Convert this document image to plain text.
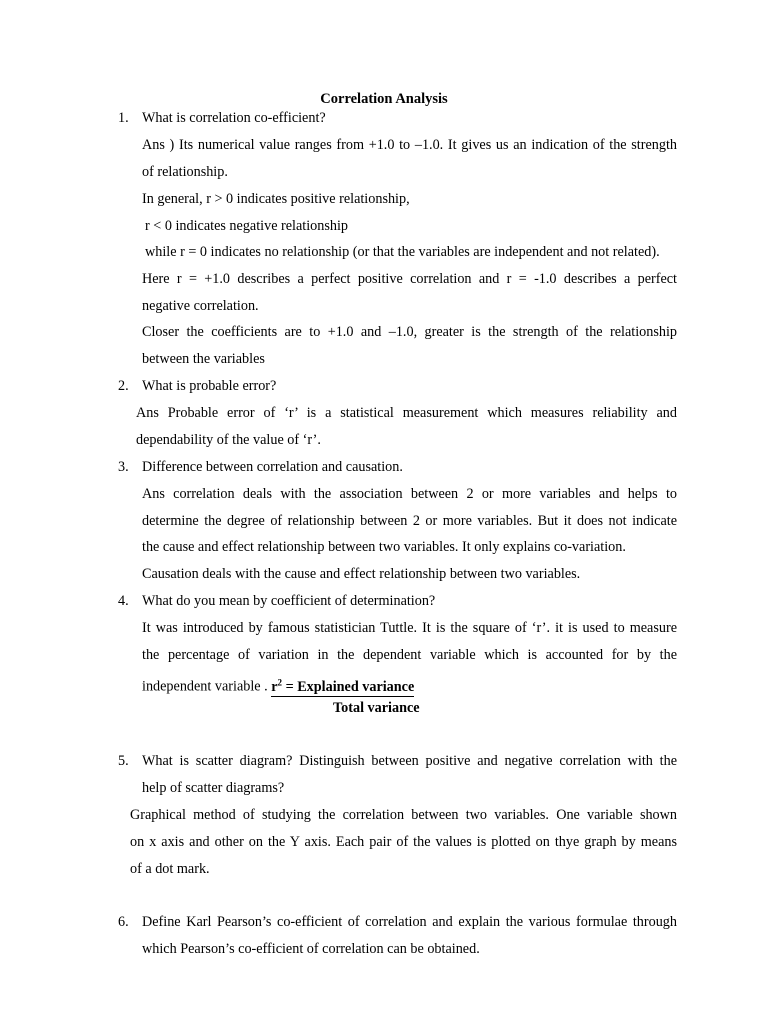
Correlation Analysis
1. What is correlation co-efficient?
Ans ) Its numerical value ranges from +1.0 to –1.0. It gives us an indication of the strength
of relationship.
In general, r > 0 indicates positive relationship,
r < 0 indicates negative relationship
while r = 0 indicates no relationship (or that the variables are independent and not related).
Here r = +1.0 describes a perfect positive correlation and r = -1.0 describes a perfect
negative correlation.
Closer the coefficients are to +1.0 and –1.0, greater is the strength of the relationship
between the variables
2. What is probable error?
Ans Probable error of ‘r’ is a statistical measurement which measures reliability and
dependability of the value of ‘r’.
3. Difference between correlation and causation.
Ans correlation deals with the association between 2 or more variables and helps to
determine the degree of relationship between 2 or more variables. But it does not indicate
the cause and effect relationship between two variables. It only explains co-variation.
Causation deals with the cause and effect relationship between two variables.
4. What do you mean by coefficient of determination?
It was introduced by famous statistician Tuttle. It is the square of ‘r’. it is used to measure
the percentage of variation in the dependent variable which is accounted for by the
independent variable . $r^2$ = Explained variance
Total variance
5. What is scatter diagram? Distinguish between positive and negative correlation with the
help of scatter diagrams?
Graphical method of studying the correlation between two variables. One variable shown
on x axis and other on the Y axis. Each pair of the values is plotted on thye graph by means
of a dot mark.
6. Define Karl Pearson’s co-efficient of correlation and explain the various formulae through
which Pearson’s co-efficient of correlation can be obtained.
